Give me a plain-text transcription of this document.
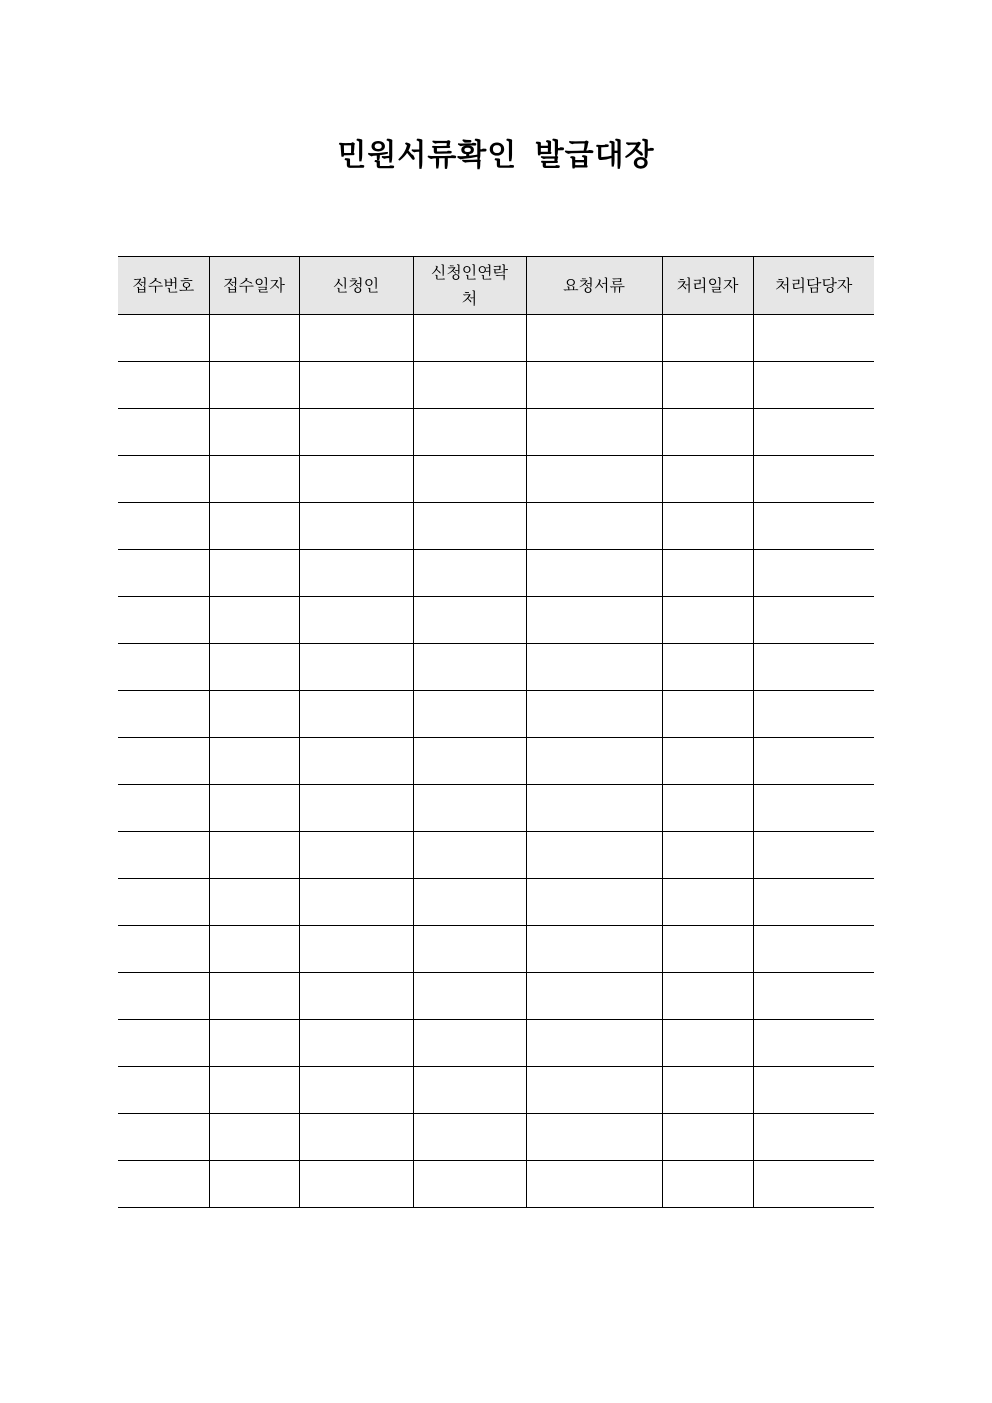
민원서류확인 발급대장
접수번호	접수일자	신청인	신청인연락처	요청서류	처리일자	처리담당자
